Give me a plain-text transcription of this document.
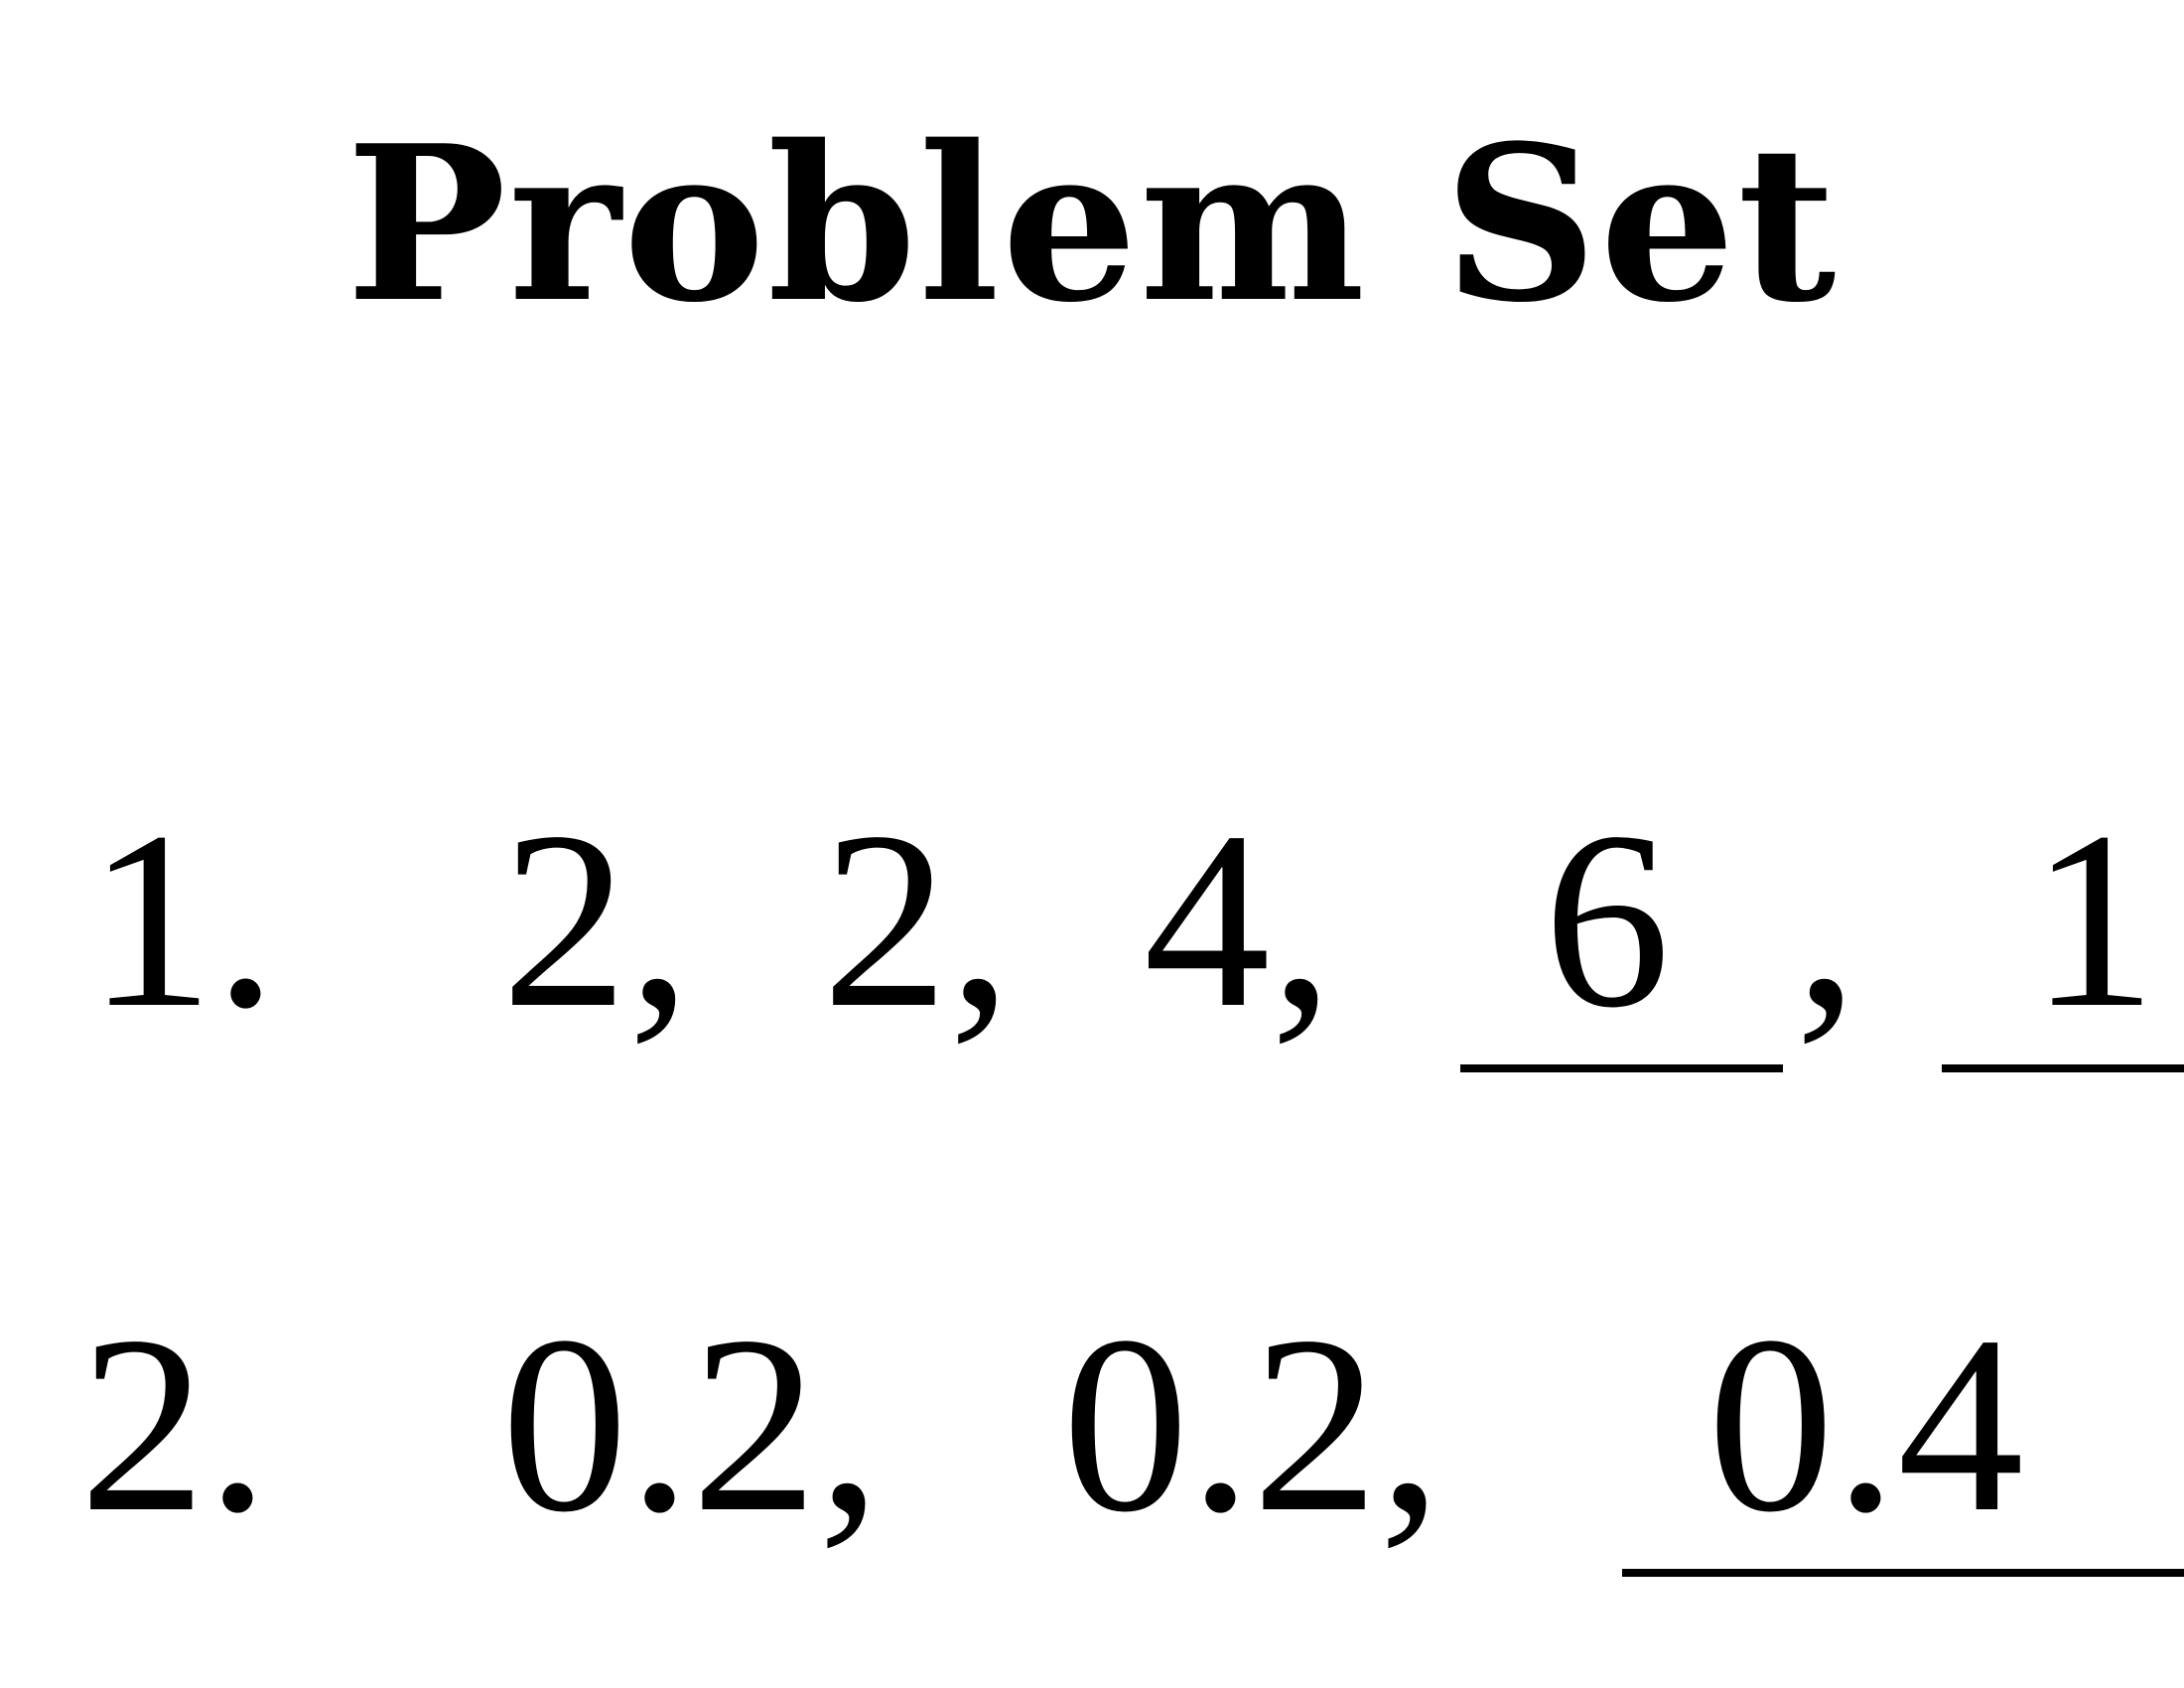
Problem Set
1. 2, 2, 4, 6 , 1
2. 0.2, 0.2, 0.4
